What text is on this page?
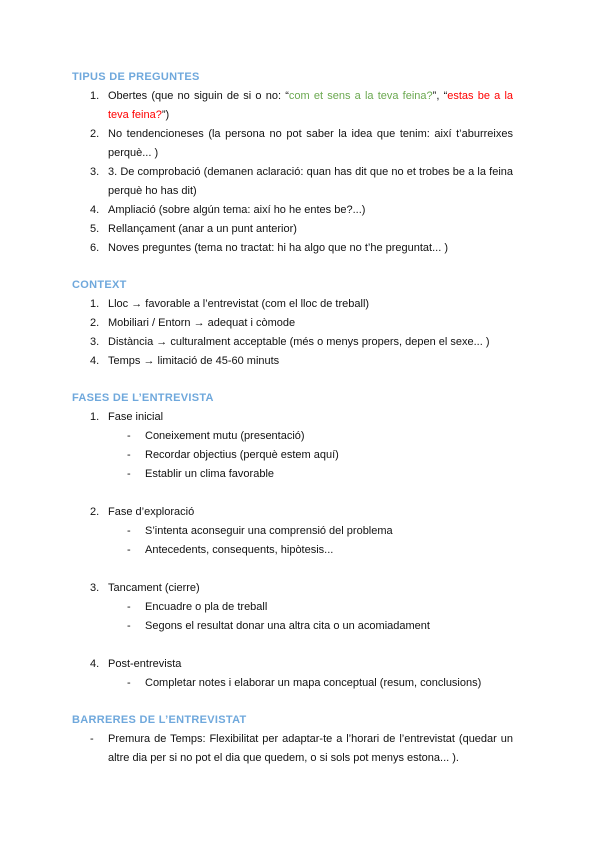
TIPUS DE PREGUNTES
1. Obertes (que no siguin de si o no: “com et sens a la teva feina?”, “estas be a la teva feina?”)
2. No tendencioneses (la persona no pot saber la idea que tenim: així t’aburreixes perquè... )
3. 3. De comprobació (demanen aclaració: quan has dit que no et trobes be a la feina perquè ho has dit)
4. Ampliació (sobre algún tema: així ho he entes be?...)
5. Rellançament (anar a un punt anterior)
6. Noves preguntes (tema no tractat: hi ha algo que no t’he preguntat... )
CONTEXT
1. Lloc → favorable a l’entrevistat (com el lloc de treball)
2. Mobiliari / Entorn → adequat i còmode
3. Distància → culturalment acceptable (més o menys propers, depen el sexe... )
4. Temps → limitació de 45-60 minuts
FASES DE L’ENTREVISTA
1. Fase inicial
- Coneixement mutu (presentació)
- Recordar objectius (perquè estem aquí)
- Establir un clima favorable
2. Fase d’exploració
- S’intenta aconseguir una comprensió del problema
- Antecedents, consequents, hipòtesis...
3. Tancament (cierre)
- Encuadre o pla de treball
- Segons el resultat donar una altra cita o un acomiadament
4. Post-entrevista
- Completar notes i elaborar un mapa conceptual (resum, conclusions)
BARRERES DE L’ENTREVISTAT
- Premura de Temps: Flexibilitat per adaptar-te a l’horari de l’entrevistat (quedar un altre dia per si no pot el dia que quedem, o si sols pot menys estona... ).
